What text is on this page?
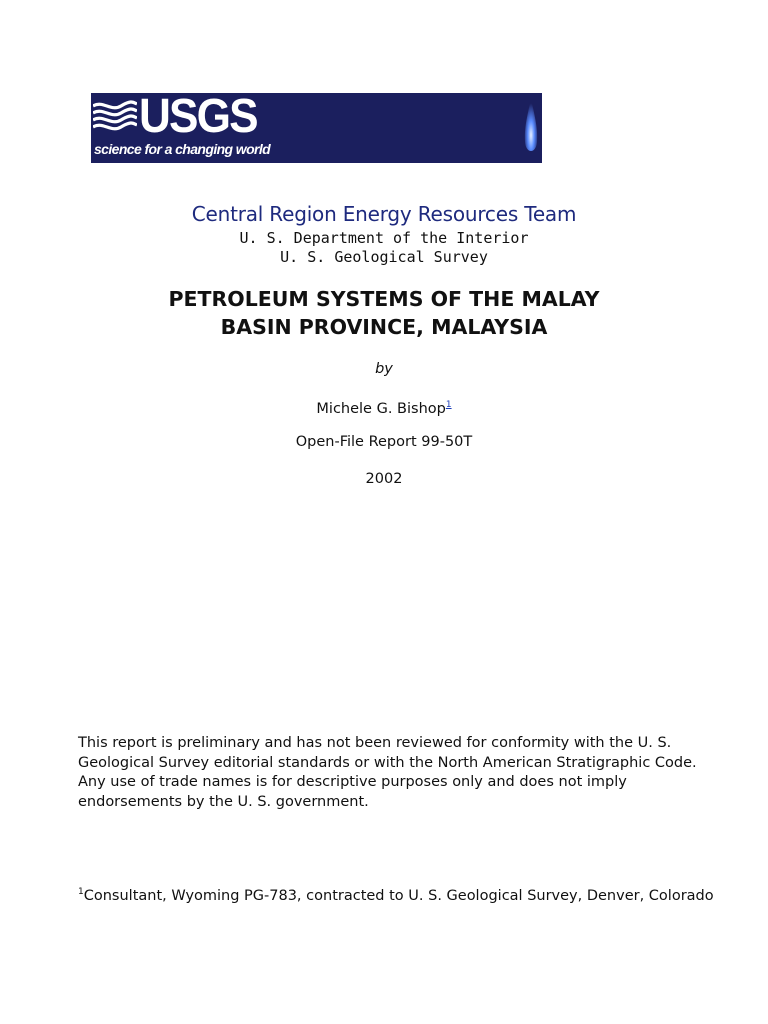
USGS
science for a changing world
Central Region Energy Resources Team
U. S. Department of the Interior
U. S. Geological Survey
PETROLEUM SYSTEMS OF THE MALAY
BASIN PROVINCE, MALAYSIA
by
Michele G. Bishop$^1$
Open-File Report 99-50T
2002
This report is preliminary and has not been reviewed for conformity with the U. S. Geological Survey editorial standards or with the North American Stratigraphic Code. Any use of trade names is for descriptive purposes only and does not imply endorsements by the U. S. government.
$^1$Consultant, Wyoming PG-783, contracted to U. S. Geological Survey, Denver, Colorado
